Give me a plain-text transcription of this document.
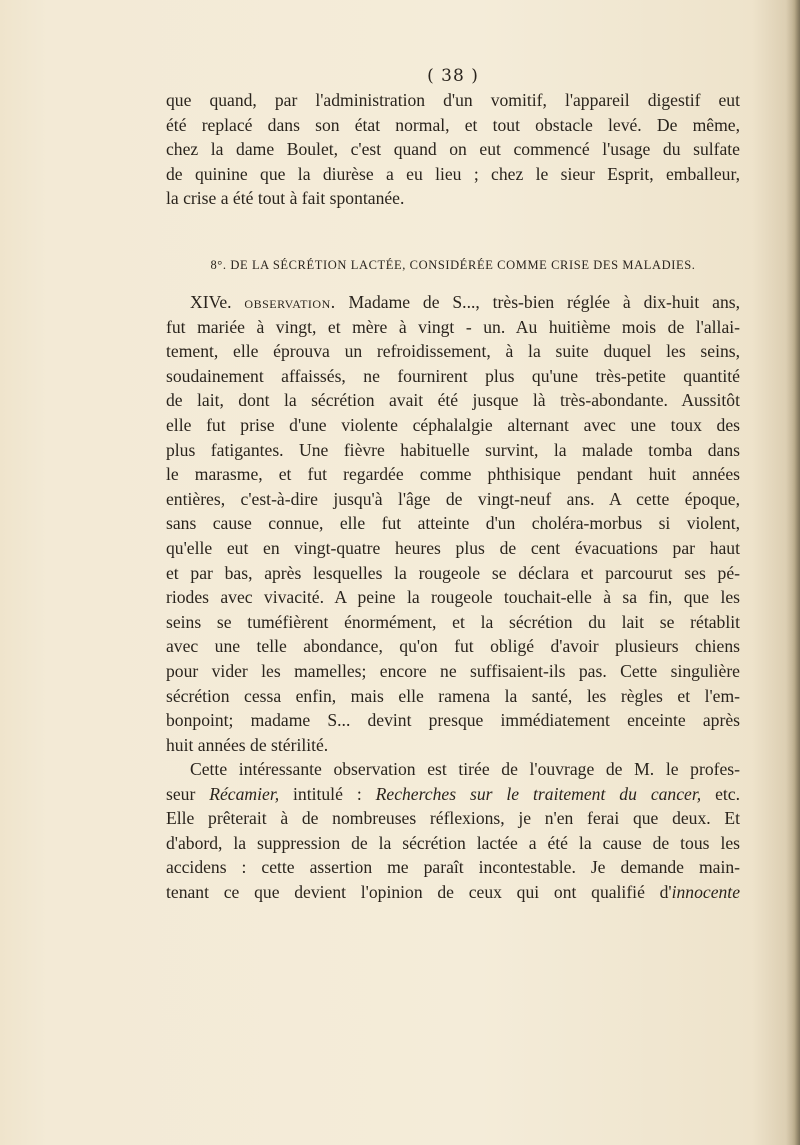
( 38 )

que quand, par l'administration d'un vomitif, l'appareil digestif eut
été replacé dans son état normal, et tout obstacle levé. De même,
chez la dame Boulet, c'est quand on eut commencé l'usage du sulfate
de quinine que la diurèse a eu lieu ; chez le sieur Esprit, emballeur,
la crise a été tout à fait spontanée.

8°. DE LA SÉCRÉTION LACTÉE, CONSIDÉRÉE COMME CRISE DES MALADIES.

XIVe. observation. Madame de S..., très-bien réglée à dix-huit ans,
fut mariée à vingt, et mère à vingt - un. Au huitième mois de l'allai-
tement, elle éprouva un refroidissement, à la suite duquel les seins,
soudainement affaissés, ne fournirent plus qu'une très-petite quantité
de lait, dont la sécrétion avait été jusque là très-abondante. Aussitôt
elle fut prise d'une violente céphalalgie alternant avec une toux des
plus fatigantes. Une fièvre habituelle survint, la malade tomba dans
le marasme, et fut regardée comme phthisique pendant huit années
entières, c'est-à-dire jusqu'à l'âge de vingt-neuf ans. A cette époque,
sans cause connue, elle fut atteinte d'un choléra-morbus si violent,
qu'elle eut en vingt-quatre heures plus de cent évacuations par haut
et par bas, après lesquelles la rougeole se déclara et parcourut ses pé-
riodes avec vivacité. A peine la rougeole touchait-elle à sa fin, que les
seins se tuméfièrent énormément, et la sécrétion du lait se rétablit
avec une telle abondance, qu'on fut obligé d'avoir plusieurs chiens
pour vider les mamelles; encore ne suffisaient-ils pas. Cette singulière
sécrétion cessa enfin, mais elle ramena la santé, les règles et l'em-
bonpoint; madame S... devint presque immédiatement enceinte après
huit années de stérilité.

Cette intéressante observation est tirée de l'ouvrage de M. le profes-
seur Récamier, intitulé : Recherches sur le traitement du cancer, etc.
Elle prêterait à de nombreuses réflexions, je n'en ferai que deux. Et
d'abord, la suppression de la sécrétion lactée a été la cause de tous les
accidens : cette assertion me paraît incontestable. Je demande main-
tenant ce que devient l'opinion de ceux qui ont qualifié d'innocente
